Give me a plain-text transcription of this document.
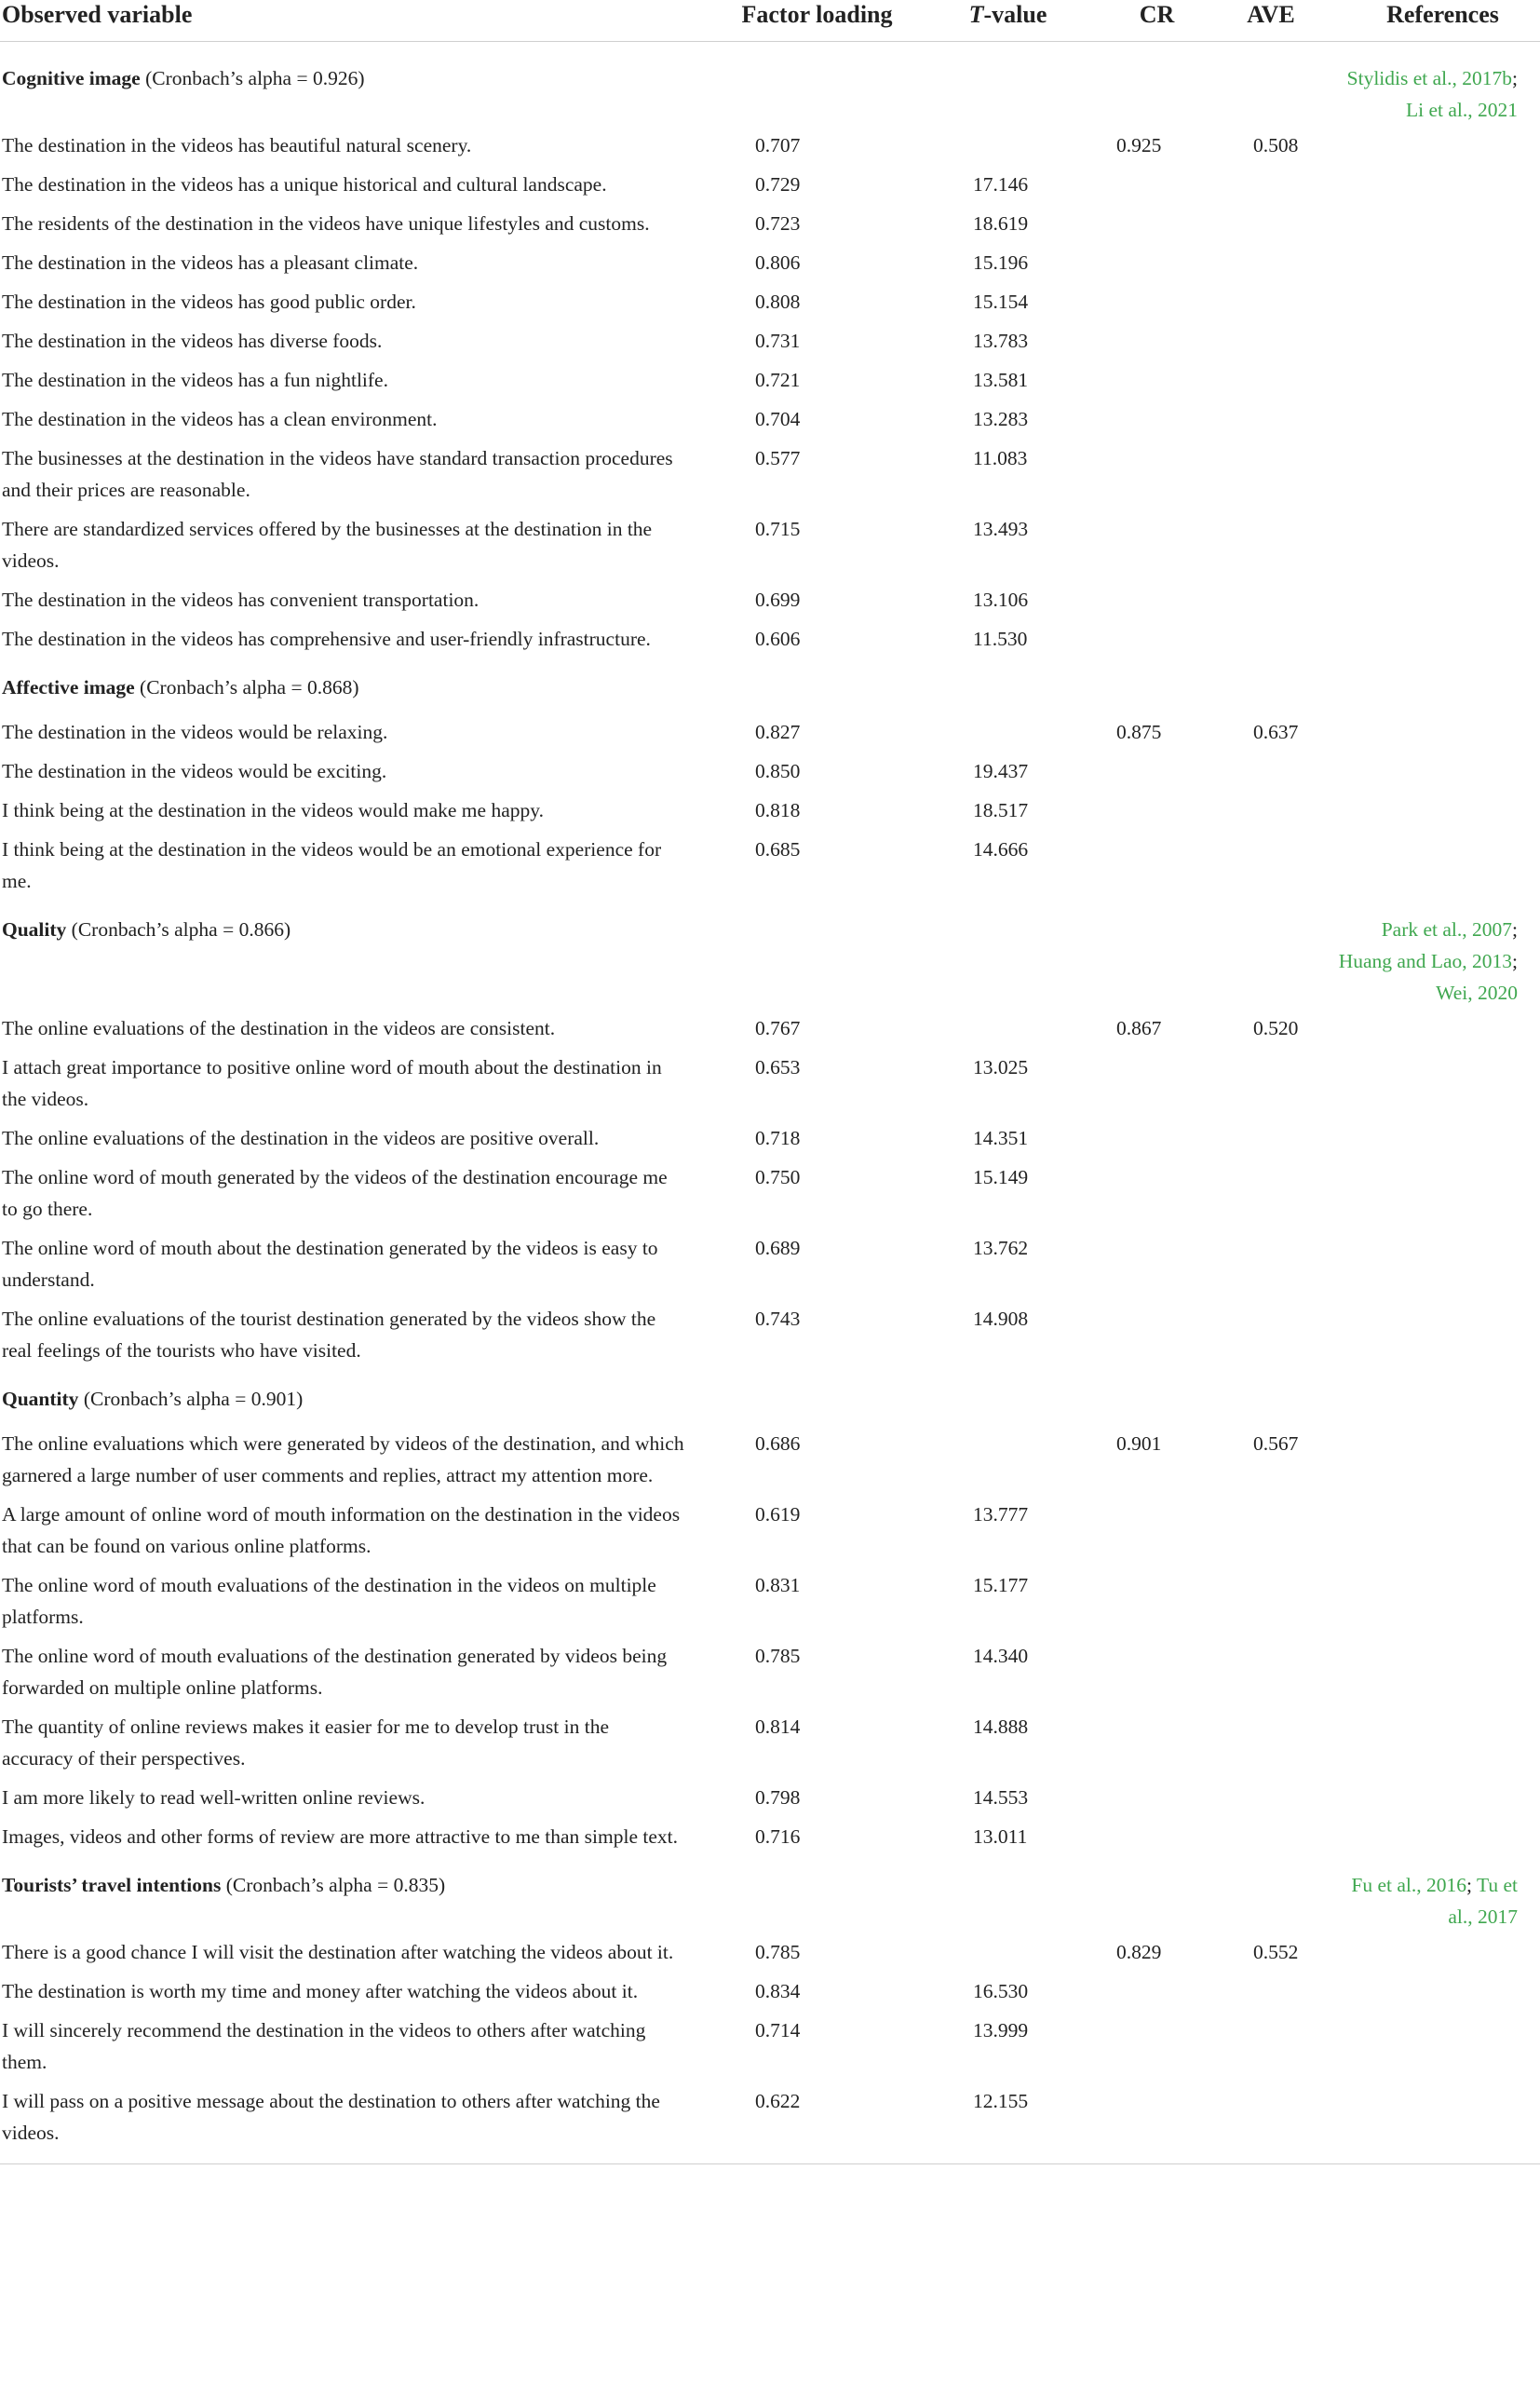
Observed variable	Factor loading	T-value	CR	AVE	References
Cognitive image (Cronbach’s alpha = 0.926)					Stylidis et al., 2017b; Li et al., 2021
The destination in the videos has beautiful natural scenery.	0.707		0.925	0.508	
The destination in the videos has a unique historical and cultural landscape.	0.729	17.146			
The residents of the destination in the videos have unique lifestyles and customs.	0.723	18.619			
The destination in the videos has a pleasant climate.	0.806	15.196			
The destination in the videos has good public order.	0.808	15.154			
The destination in the videos has diverse foods.	0.731	13.783			
The destination in the videos has a fun nightlife.	0.721	13.581			
The destination in the videos has a clean environment.	0.704	13.283			
The businesses at the destination in the videos have standard transaction procedures and their prices are reasonable.	0.577	11.083			
There are standardized services offered by the businesses at the destination in the videos.	0.715	13.493			
The destination in the videos has convenient transportation.	0.699	13.106			
The destination in the videos has comprehensive and user-friendly infrastructure.	0.606	11.530			
Affective image (Cronbach’s alpha = 0.868)					
The destination in the videos would be relaxing.	0.827		0.875	0.637	
The destination in the videos would be exciting.	0.850	19.437			
I think being at the destination in the videos would make me happy.	0.818	18.517			
I think being at the destination in the videos would be an emotional experience for me.	0.685	14.666			
Quality (Cronbach’s alpha = 0.866)					Park et al., 2007; Huang and Lao, 2013; Wei, 2020
The online evaluations of the destination in the videos are consistent.	0.767		0.867	0.520	
I attach great importance to positive online word of mouth about the destination in the videos.	0.653	13.025			
The online evaluations of the destination in the videos are positive overall.	0.718	14.351			
The online word of mouth generated by the videos of the destination encourage me to go there.	0.750	15.149			
The online word of mouth about the destination generated by the videos is easy to understand.	0.689	13.762			
The online evaluations of the tourist destination generated by the videos show the real feelings of the tourists who have visited.	0.743	14.908			
Quantity (Cronbach’s alpha = 0.901)					
The online evaluations which were generated by videos of the destination, and which garnered a large number of user comments and replies, attract my attention more.	0.686		0.901	0.567	
A large amount of online word of mouth information on the destination in the videos that can be found on various online platforms.	0.619	13.777			
The online word of mouth evaluations of the destination in the videos on multiple platforms.	0.831	15.177			
The online word of mouth evaluations of the destination generated by videos being forwarded on multiple online platforms.	0.785	14.340			
The quantity of online reviews makes it easier for me to develop trust in the accuracy of their perspectives.	0.814	14.888			
I am more likely to read well-written online reviews.	0.798	14.553			
Images, videos and other forms of review are more attractive to me than simple text.	0.716	13.011			
Tourists’ travel intentions (Cronbach’s alpha = 0.835)					Fu et al., 2016; Tu et al., 2017
There is a good chance I will visit the destination after watching the videos about it.	0.785		0.829	0.552	
The destination is worth my time and money after watching the videos about it.	0.834	16.530			
I will sincerely recommend the destination in the videos to others after watching them.	0.714	13.999			
I will pass on a positive message about the destination to others after watching the videos.	0.622	12.155			
